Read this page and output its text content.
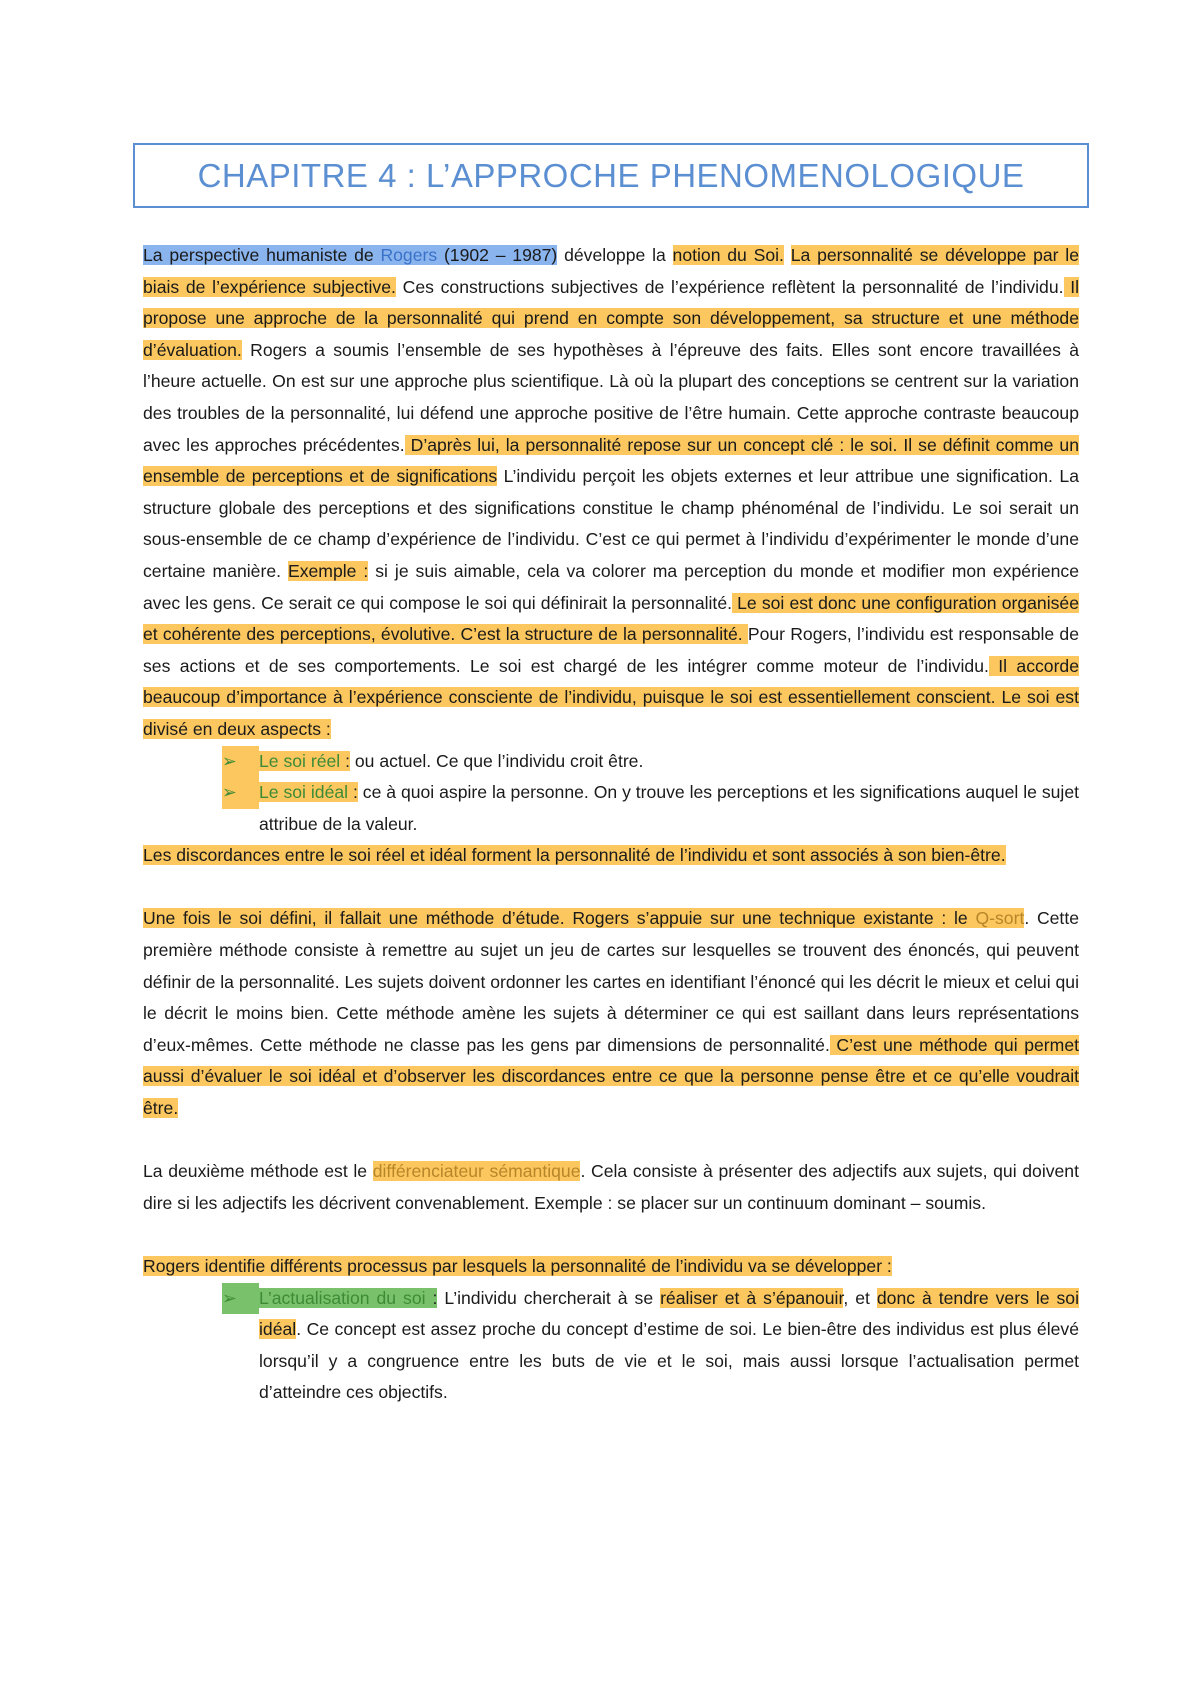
CHAPITRE 4 : L’APPROCHE PHENOMENOLOGIQUE

La perspective humaniste de Rogers (1902 – 1987) développe la notion du Soi. La personnalité se développe par le biais de l’expérience subjective. Ces constructions subjectives de l’expérience reflètent la personnalité de l’individu. Il propose une approche de la personnalité qui prend en compte son développement, sa structure et une méthode d’évaluation. Rogers a soumis l’ensemble de ses hypothèses à l’épreuve des faits. Elles sont encore travaillées à l’heure actuelle. On est sur une approche plus scientifique. Là où la plupart des conceptions se centrent sur la variation des troubles de la personnalité, lui défend une approche positive de l’être humain. Cette approche contraste beaucoup avec les approches précédentes. D’après lui, la personnalité repose sur un concept clé : le soi. Il se définit comme un ensemble de perceptions et de significations L’individu perçoit les objets externes et leur attribue une signification. La structure globale des perceptions et des significations constitue le champ phénoménal de l’individu. Le soi serait un sous-ensemble de ce champ d’expérience de l’individu. C’est ce qui permet à l’individu d’expérimenter le monde d’une certaine manière. Exemple : si je suis aimable, cela va colorer ma perception du monde et modifier mon expérience avec les gens. Ce serait ce qui compose le soi qui définirait la personnalité. Le soi est donc une configuration organisée et cohérente des perceptions, évolutive. C’est la structure de la personnalité. Pour Rogers, l’individu est responsable de ses actions et de ses comportements. Le soi est chargé de les intégrer comme moteur de l’individu. Il accorde beaucoup d’importance à l’expérience consciente de l’individu, puisque le soi est essentiellement conscient. Le soi est divisé en deux aspects :

➢	Le soi réel : ou actuel. Ce que l’individu croit être.
➢	Le soi idéal : ce à quoi aspire la personne. On y trouve les perceptions et les significations auquel le sujet attribue de la valeur.

Les discordances entre le soi réel et idéal forment la personnalité de l’individu et sont associés à son bien-être.

Une fois le soi défini, il fallait une méthode d’étude. Rogers s’appuie sur une technique existante : le Q-sort. Cette première méthode consiste à remettre au sujet un jeu de cartes sur lesquelles se trouvent des énoncés, qui peuvent définir de la personnalité. Les sujets doivent ordonner les cartes en identifiant l’énoncé qui les décrit le mieux et celui qui le décrit le moins bien. Cette méthode amène les sujets à déterminer ce qui est saillant dans leurs représentations d’eux-mêmes. Cette méthode ne classe pas les gens par dimensions de personnalité. C’est une méthode qui permet aussi d’évaluer le soi idéal et d’observer les discordances entre ce que la personne pense être et ce qu’elle voudrait être.

La deuxième méthode est le différenciateur sémantique. Cela consiste à présenter des adjectifs aux sujets, qui doivent dire si les adjectifs les décrivent convenablement. Exemple : se placer sur un continuum dominant – soumis.

Rogers identifie différents processus par lesquels la personnalité de l’individu va se développer :

➢	L’actualisation du soi : L’individu chercherait à se réaliser et à s’épanouir, et donc à tendre vers le soi idéal. Ce concept est assez proche du concept d’estime de soi. Le bien-être des individus est plus élevé lorsqu’il y a congruence entre les buts de vie et le soi, mais aussi lorsque l’actualisation permet d’atteindre ces objectifs.
